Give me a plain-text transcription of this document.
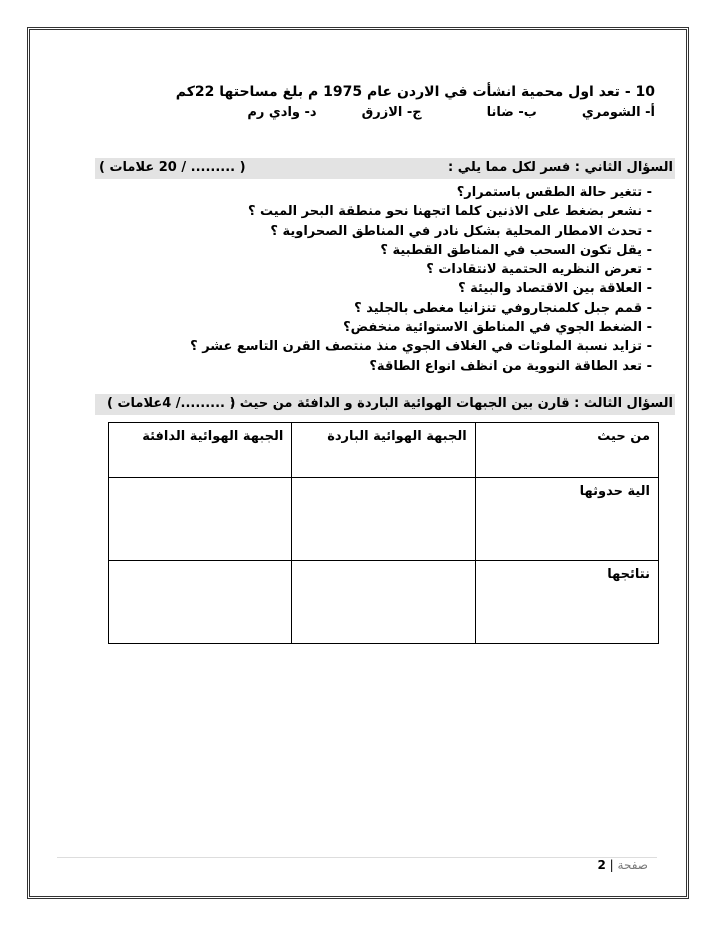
10 - تعد اول محمية انشأت في الاردن عام 1975 م بلغ مساحتها 22كم
أ- الشومري
ب- ضانا
ج- الازرق
د- وادي رم
السؤال الثاني : فسر لكل مما يلي :
( ......... / 20 علامات )
- تتغير حالة الطقس باستمرار؟
- نشعر بضغط على الاذنين كلما اتجهنا نحو منطقة البحر الميت ؟
- تحدث الامطار المحلية بشكل نادر في المناطق الصحراوية ؟
- يقل تكون السحب في المناطق القطبية ؟
- تعرض النظريه الحتمية لانتقادات ؟
- العلاقة بين الاقتصاد والبيئة ؟
- قمم جبل كلمنجاروفي تنزانيا مغطى بالجليد ؟
- الضغط الجوي في المناطق الاستوائية منخفض؟
- تزايد نسبة الملوثات في الغلاف الجوي منذ منتصف القرن التاسع عشر ؟
- تعد الطاقة النووية من انظف انواع الطاقة؟
السؤال الثالث : قارن بين الجبهات الهوائية الباردة و الدافئة من حيث :
( ........./ 4علامات )
من حيث	الجبهة الهوائية الباردة	الجبهة الهوائية الدافئة
الية حدوثها		
نتائجها		
صفحة | 2
